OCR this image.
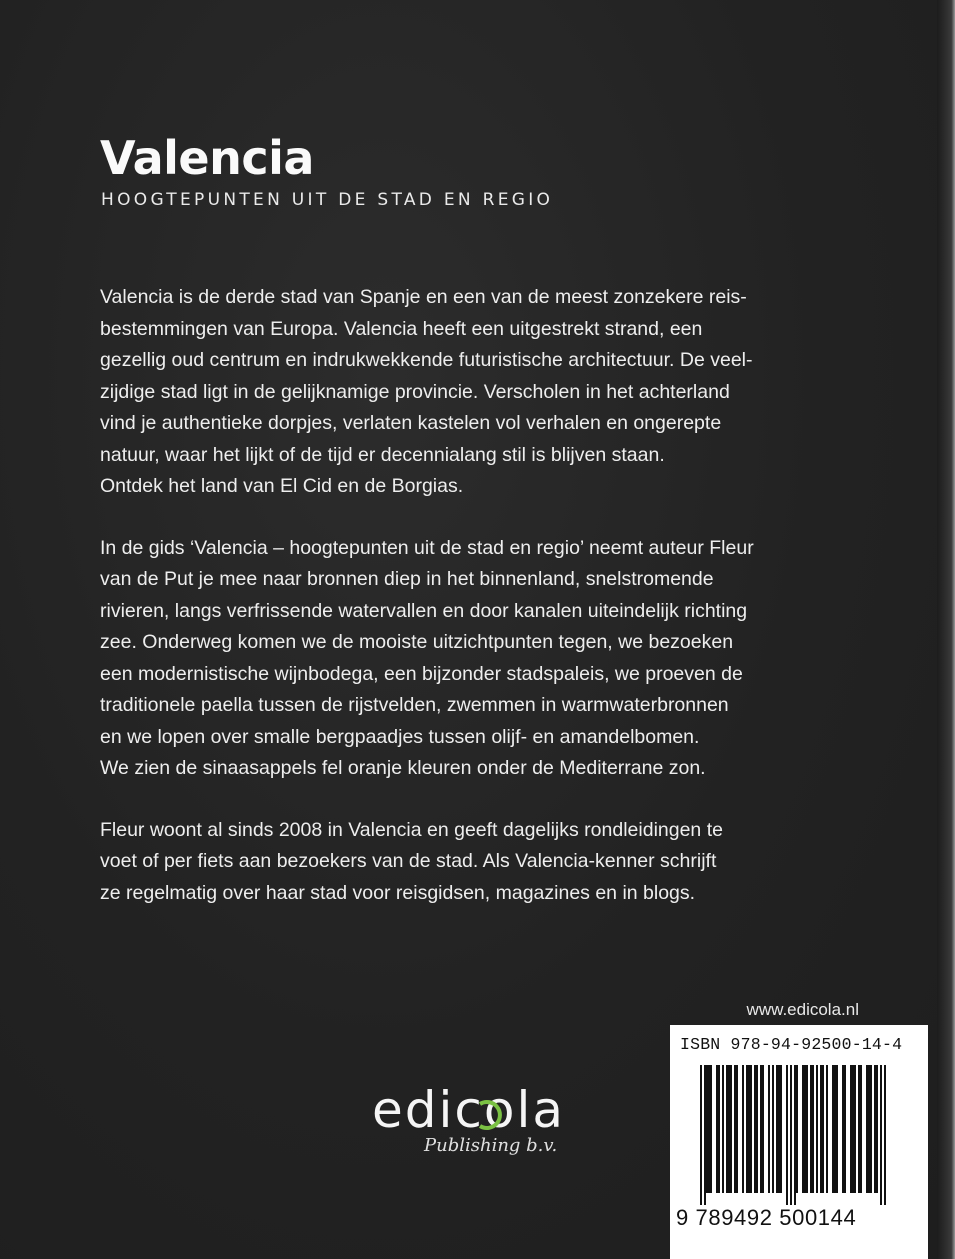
Valencia

HOOGTEPUNTEN UIT DE STAD EN REGIO

Valencia is de derde stad van Spanje en een van de meest zonzekere reis-
bestemmingen van Europa. Valencia heeft een uitgestrekt strand, een
gezellig oud centrum en indrukwekkende futuristische architectuur. De veel-
zijdige stad ligt in de gelijknamige provincie. Verscholen in het achterland
vind je authentieke dorpjes, verlaten kastelen vol verhalen en ongerepte
natuur, waar het lijkt of de tijd er decennialang stil is blijven staan.
Ontdek het land van El Cid en de Borgias.

In de gids ‘Valencia – hoogtepunten uit de stad en regio’ neemt auteur Fleur
van de Put je mee naar bronnen diep in het binnenland, snelstromende
rivieren, langs verfrissende watervallen en door kanalen uiteindelijk richting
zee. Onderweg komen we de mooiste uitzichtpunten tegen, we bezoeken
een modernistische wijnbodega, een bijzonder stadspaleis, we proeven de
traditionele paella tussen de rijstvelden, zwemmen in warmwaterbronnen
en we lopen over smalle bergpaadjes tussen olijf- en amandelbomen.
We zien de sinaasappels fel oranje kleuren onder de Mediterrane zon.

Fleur woont al sinds 2008 in Valencia en geeft dagelijks rondleidingen te
voet of per fiets aan bezoekers van de stad. Als Valencia-kenner schrijft
ze regelmatig over haar stad voor reisgidsen, magazines en in blogs.

www.edicola.nl

edicola
Publishing b.v.
ISBN 978-94-92500-14-4
9 789492 500144
